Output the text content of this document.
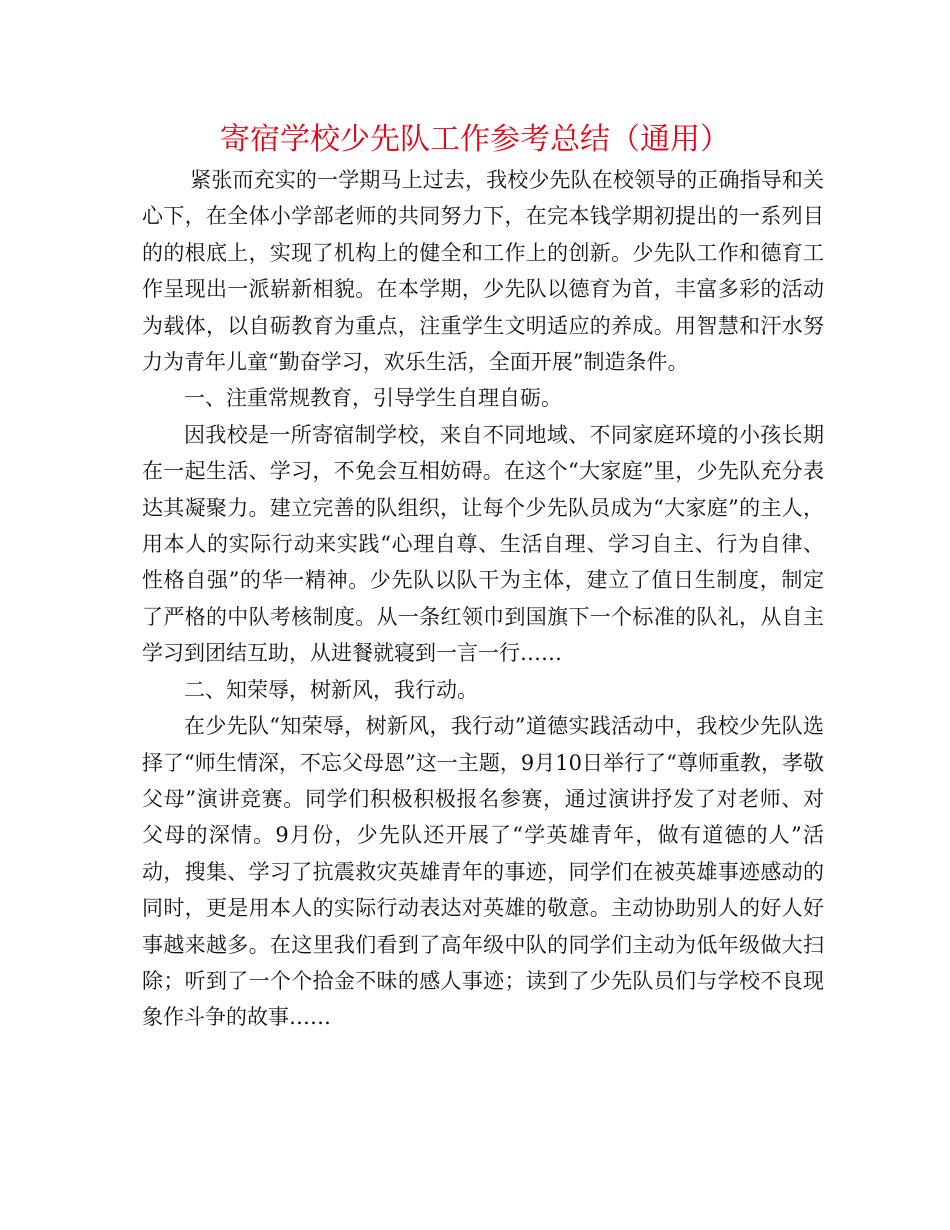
寄宿学校少先队工作参考总结（通用）

紧张而充实的一学期马上过去，我校少先队在校领导的正确指导和关心下，在全体小学部老师的共同努力下，在完本钱学期初提出的一系列目的的根底上，实现了机构上的健全和工作上的创新。少先队工作和德育工作呈现出一派崭新相貌。在本学期，少先队以德育为首，丰富多彩的活动为载体，以自砺教育为重点，注重学生文明适应的养成。用智慧和汗水努力为青年儿童“勤奋学习，欢乐生活，全面开展”制造条件。

一、注重常规教育，引导学生自理自砺。

因我校是一所寄宿制学校，来自不同地域、不同家庭环境的小孩长期在一起生活、学习，不免会互相妨碍。在这个“大家庭”里，少先队充分表达其凝聚力。建立完善的队组织，让每个少先队员成为“大家庭”的主人，用本人的实际行动来实践“心理自尊、生活自理、学习自主、行为自律、性格自强”的华一精神。少先队以队干为主体，建立了值日生制度，制定了严格的中队考核制度。从一条红领巾到国旗下一个标准的队礼，从自主学习到团结互助，从进餐就寝到一言一行……

二、知荣辱，树新风，我行动。

在少先队“知荣辱，树新风，我行动”道德实践活动中，我校少先队选择了“师生情深，不忘父母恩”这一主题，9月10日举行了“尊师重教，孝敬父母”演讲竞赛。同学们积极积极报名参赛，通过演讲抒发了对老师、对父母的深情。9月份，少先队还开展了“学英雄青年，做有道德的人”活动，搜集、学习了抗震救灾英雄青年的事迹，同学们在被英雄事迹感动的同时，更是用本人的实际行动表达对英雄的敬意。主动协助别人的好人好事越来越多。在这里我们看到了高年级中队的同学们主动为低年级做大扫除；听到了一个个拾金不昧的感人事迹；读到了少先队员们与学校不良现象作斗争的故事……
